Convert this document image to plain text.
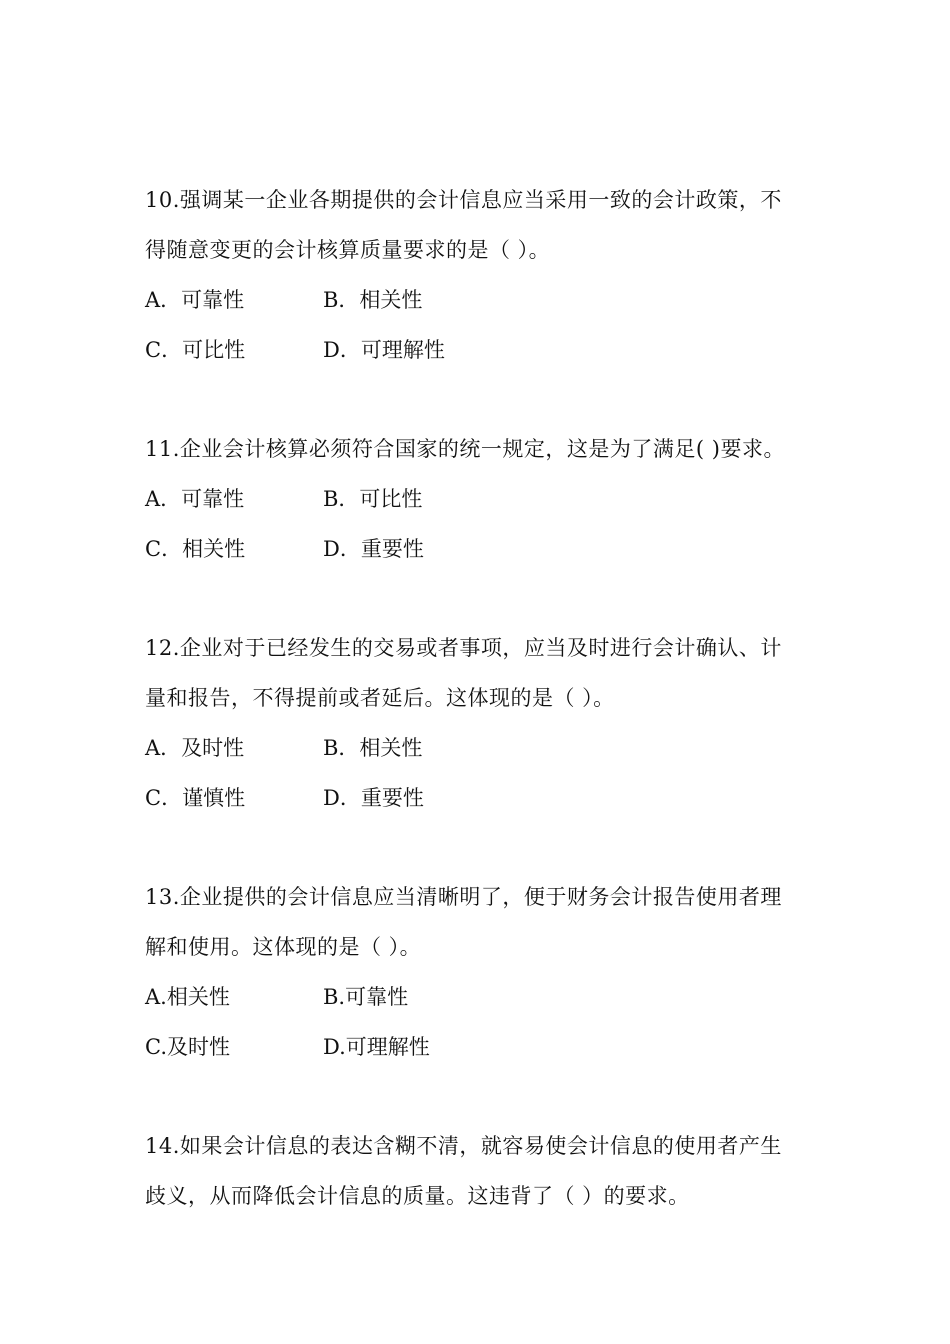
10.强调某一企业各期提供的会计信息应当采用一致的会计政策，不
得随意变更的会计核算质量要求的是（ ）。
A．可靠性	B．相关性
C．可比性	D．可理解性
11.企业会计核算必须符合国家的统一规定，这是为了满足( )要求。
A．可靠性	B．可比性
C．相关性	D．重要性
12.企业对于已经发生的交易或者事项，应当及时进行会计确认、计
量和报告，不得提前或者延后。这体现的是（ ）。
A．及时性	B．相关性
C．谨慎性	D．重要性
13.企业提供的会计信息应当清晰明了，便于财务会计报告使用者理
解和使用。这体现的是（ ）。
A.相关性	B.可靠性
C.及时性	D.可理解性
14.如果会计信息的表达含糊不清，就容易使会计信息的使用者产生
歧义，从而降低会计信息的质量。这违背了（ ）的要求。
